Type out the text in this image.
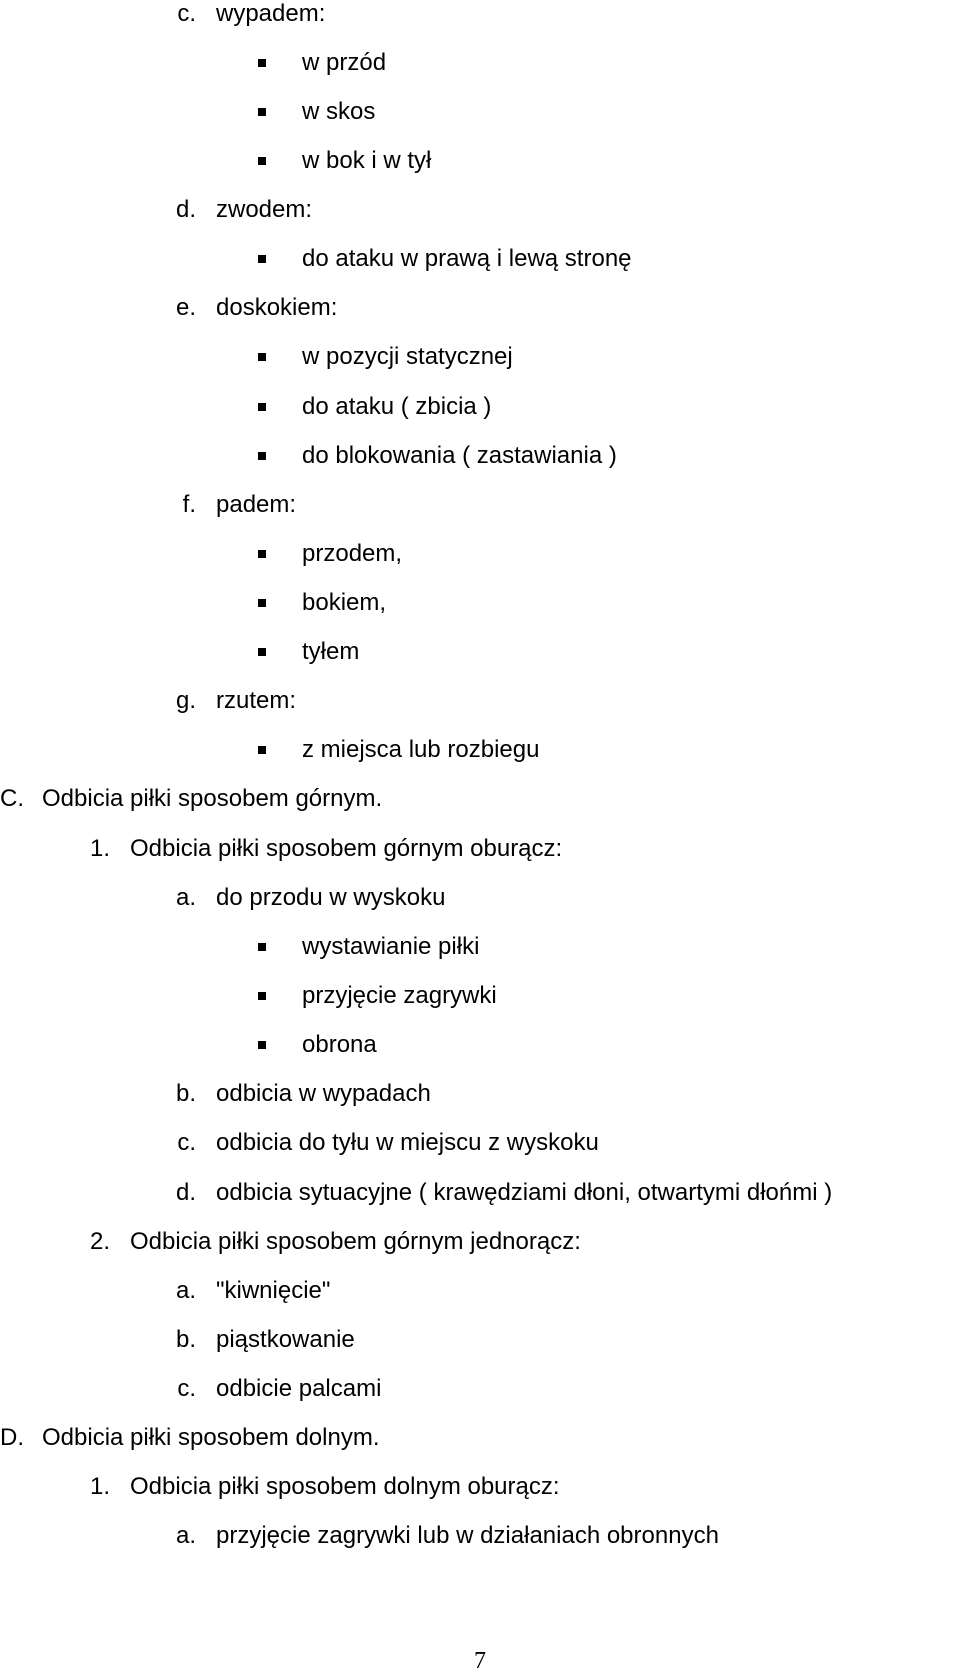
c. wypadem:
w przód
w skos
w bok i w tył
d. zwodem:
do ataku w prawą i lewą stronę
e. doskokiem:
w pozycji statycznej
do ataku ( zbicia )
do blokowania ( zastawiania )
f. padem:
przodem,
bokiem,
tyłem
g. rzutem:
z miejsca lub rozbiegu
C. Odbicia piłki sposobem górnym.
1. Odbicia piłki sposobem górnym oburącz:
a. do przodu w wyskoku
wystawianie piłki
przyjęcie zagrywki
obrona
b. odbicia w wypadach
c. odbicia do tyłu w miejscu z wyskoku
d. odbicia sytuacyjne ( krawędziami dłoni, otwartymi dłońmi )
2. Odbicia piłki sposobem górnym jednorącz:
a. "kiwnięcie"
b. piąstkowanie
c. odbicie palcami
D. Odbicia piłki sposobem dolnym.
1. Odbicia piłki sposobem dolnym oburącz:
a. przyjęcie zagrywki lub w działaniach obronnych
7
